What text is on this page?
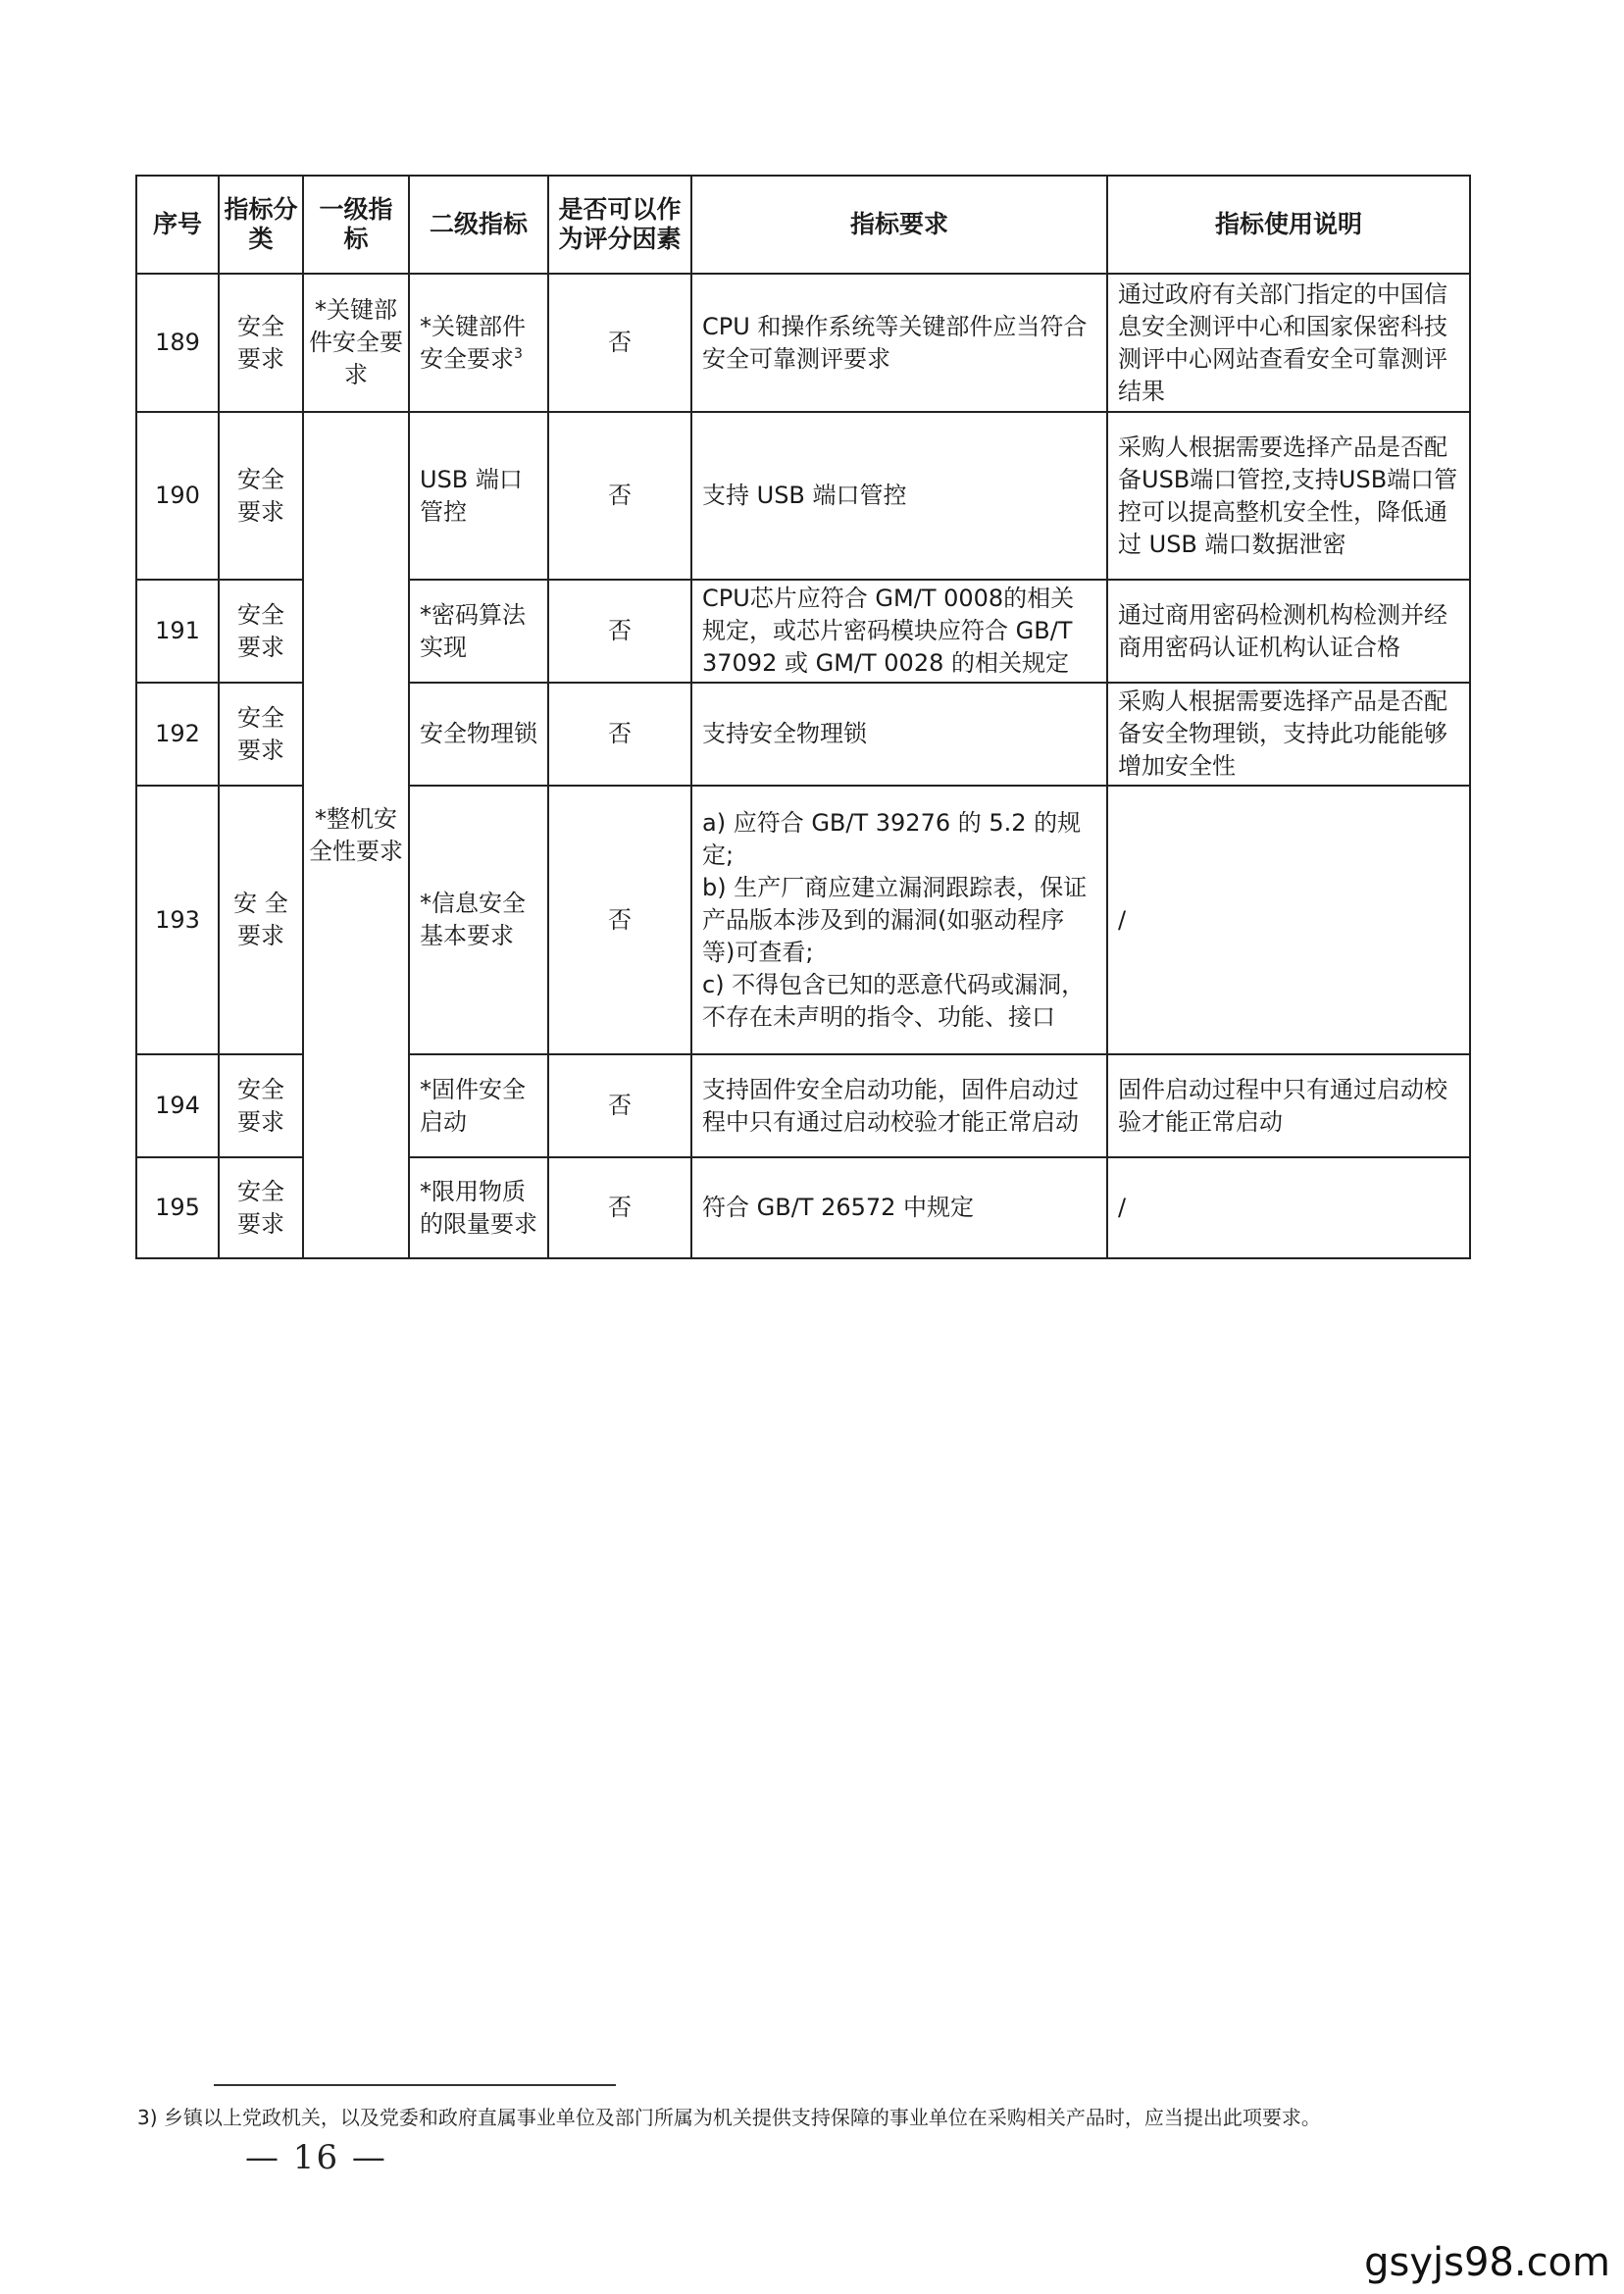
序号	指标分类	一级指标	二级指标	是否可以作为评分因素	指标要求	指标使用说明
189	安全要求	*关键部件安全要求	*关键部件安全要求$^3$	否	CPU 和操作系统等关键部件应当符合安全可靠测评要求	通过政府有关部门指定的中国信息安全测评中心和国家保密科技测评中心网站查看安全可靠测评结果
190	安全要求	*整机安全性要求	USB 端口管控	否	支持 USB 端口管控	采购人根据需要选择产品是否配备USB端口管控,支持USB端口管控可以提高整机安全性，降低通过 USB 端口数据泄密
191	安全要求		*密码算法实现	否	CPU芯片应符合 GM/T 0008的相关规定，或芯片密码模块应符合 GB/T 37092 或 GM/T 0028 的相关规定	通过商用密码检测机构检测并经商用密码认证机构认证合格
192	安全要求		安全物理锁	否	支持安全物理锁	采购人根据需要选择产品是否配备安全物理锁，支持此功能能够增加安全性
193	安 全要求		*信息安全基本要求	否	a) 应符合 GB/T 39276 的 5.2 的规定;
b) 生产厂商应建立漏洞跟踪表，保证产品版本涉及到的漏洞(如驱动程序等)可查看;
c) 不得包含已知的恶意代码或漏洞，不存在未声明的指令、功能、接口	/
194	安全要求		*固件安全启动	否	支持固件安全启动功能，固件启动过程中只有通过启动校验才能正常启动	固件启动过程中只有通过启动校验才能正常启动
195	安全要求		*限用物质的限量要求	否	符合 GB/T 26572 中规定	/
3) 乡镇以上党政机关，以及党委和政府直属事业单位及部门所属为机关提供支持保障的事业单位在采购相关产品时，应当提出此项要求。
— 16 —
gsyjs98.com
